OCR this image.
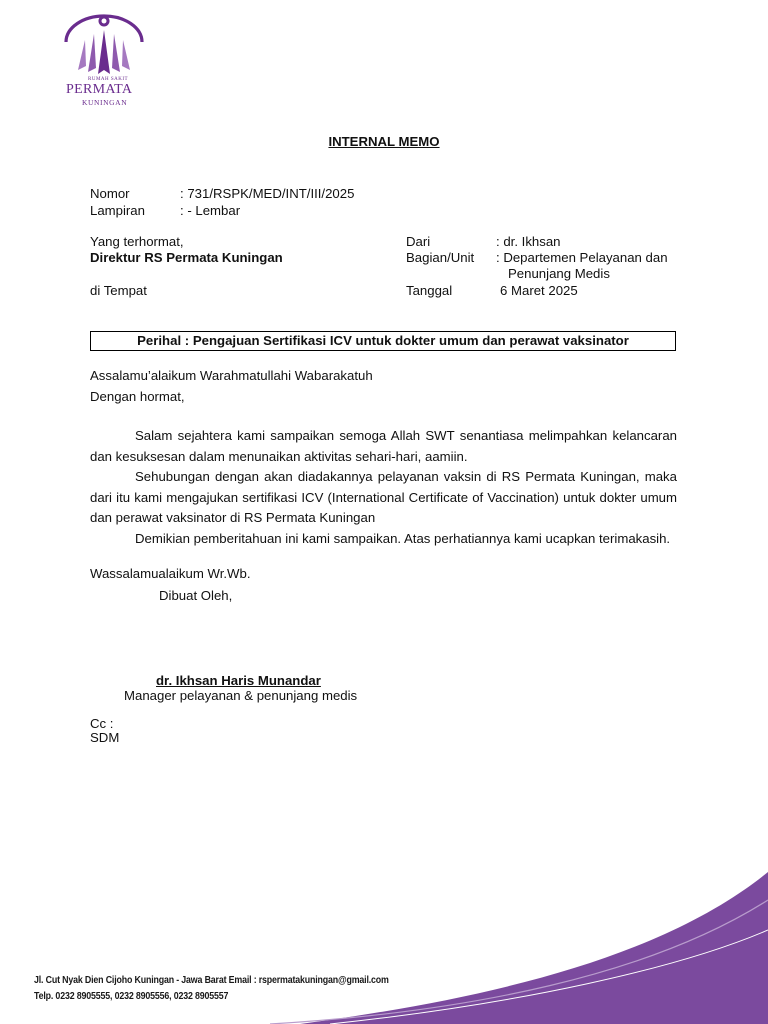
RUMAH SAKIT
PERMATA
KUNINGAN
INTERNAL MEMO
Nomor	: 731/RSPK/MED/INT/III/2025
Lampiran	: - Lembar
Yang terhormat,
Direktur RS Permata Kuningan
di Tempat
Dari	: dr. Ikhsan
Bagian/Unit : Departemen Pelayanan dan
Penunjang Medis
Tanggal	6 Maret 2025
Perihal : Pengajuan Sertifikasi ICV untuk dokter umum dan perawat vaksinator
Assalamu’alaikum Warahmatullahi Wabarakatuh
Dengan hormat,
Salam sejahtera kami sampaikan semoga Allah SWT senantiasa melimpahkan kelancaran dan kesuksesan dalam menunaikan aktivitas sehari-hari, aamiin.
Sehubungan dengan akan diadakannya pelayanan vaksin di RS Permata Kuningan, maka dari itu kami mengajukan sertifikasi ICV (International Certificate of Vaccination) untuk dokter umum dan perawat vaksinator di RS Permata Kuningan
Demikian pemberitahuan ini kami sampaikan. Atas perhatiannya kami ucapkan terimakasih.
Wassalamualaikum Wr.Wb.
Dibuat Oleh,
dr. Ikhsan Haris Munandar
Manager pelayanan & penunjang medis
Cc :
SDM
Jl. Cut Nyak Dien Cijoho Kuningan - Jawa Barat Email : rspermatakuningan@gmail.com
Telp. 0232 8905555, 0232 8905556, 0232 8905557
